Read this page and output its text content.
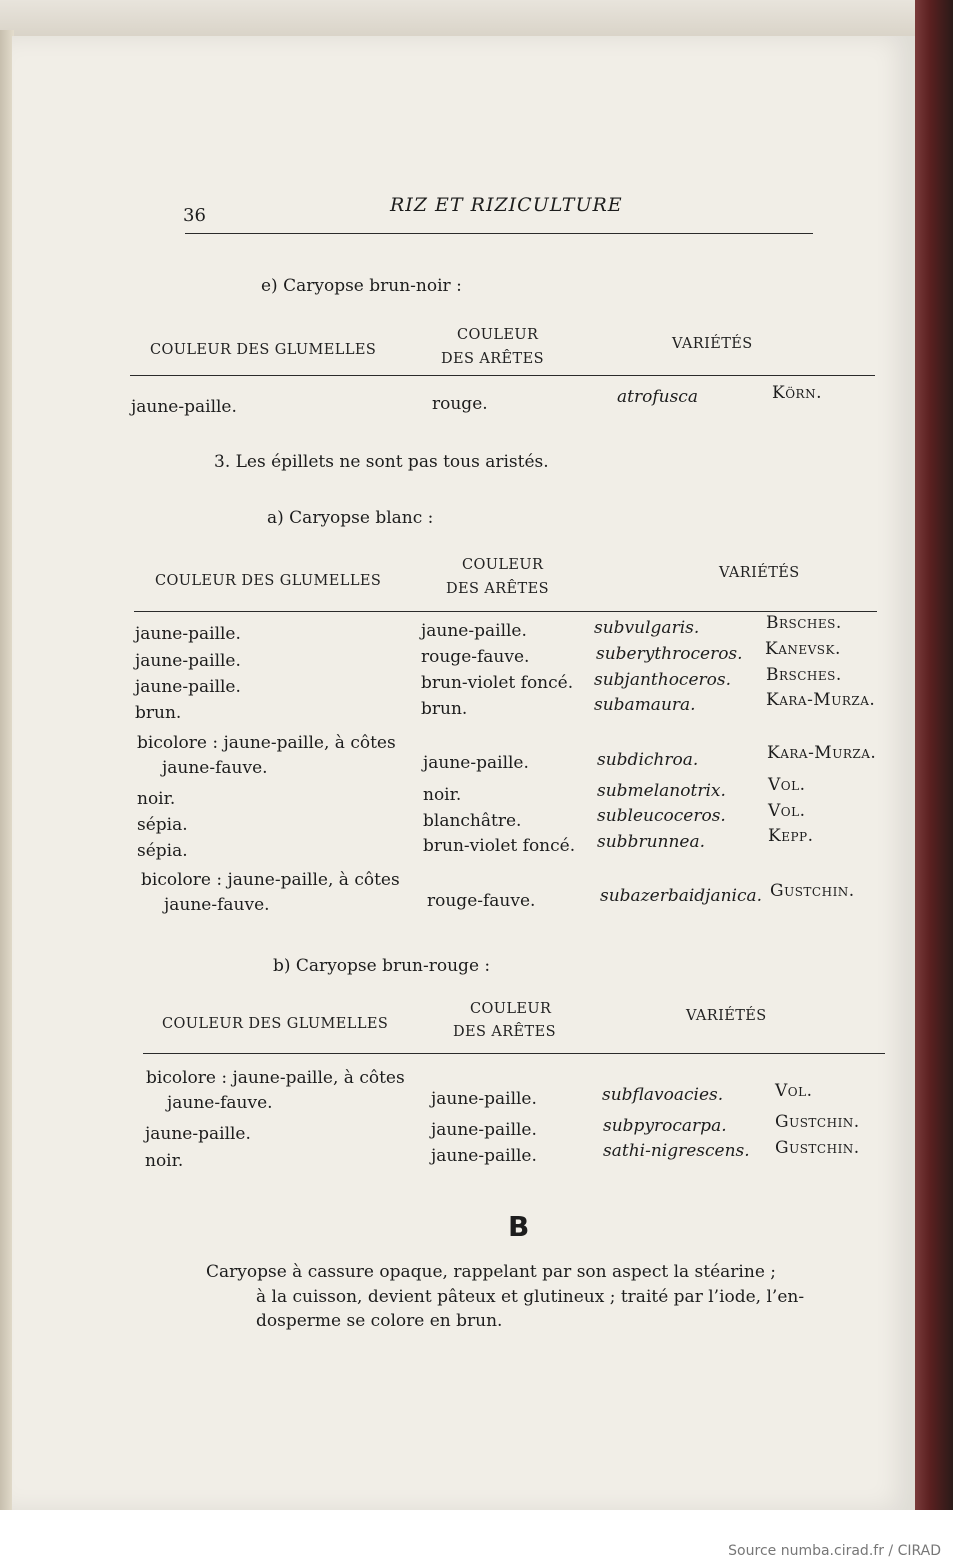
36	RIZ ET RIZICULTURE
e) Caryopse brun-noir :
COULEUR DES GLUMELLES
COULEUR
DES ARÊTES
VARIÉTÉS
jaune-paille.	rouge.	atrofusca	Körn.
3. Les épillets ne sont pas tous aristés.
a) Caryopse blanc :
COULEUR DES GLUMELLES
COULEUR
DES ARÊTES
VARIÉTÉS
jaune-paille.	jaune-paille.	subvulgaris.	Brsches.
jaune-paille.	rouge-fauve.	suberythroceros. Kanevsk.
jaune-paille.	brun-violet foncé. subjanthoceros. Brsches.
brun.	brun.	subamaura.	Kara-Murza.
bicolore : jaune-paille, à côtes
jaune-fauve.	jaune-paille.	subdichroa.	Kara-Murza.
noir.	noir.	submelanotrix. Vol.
sépia.	blanchâtre.	subleucoceros. Vol.
sépia.	brun-violet foncé. subbrunnea.	Kepp.
bicolore : jaune-paille, à côtes
jaune-fauve.	rouge-fauve.	subazerbaidjanica. Gustchin.
b) Caryopse brun-rouge :
COULEUR DES GLUMELLES
COULEUR
DES ARÊTES
VARIÉTÉS
bicolore : jaune-paille, à côtes
jaune-fauve.	jaune-paille.	subflavoacies.	Vol.
jaune-paille.	jaune-paille.	subpyrocarpa.	Gustchin.
noir.	jaune-paille.	sathi-nigrescens. Gustchin.
B
Caryopse à cassure opaque, rappelant par son aspect la stéarine ;
à la cuisson, devient pâteux et glutineux ; traité par l’iode, l’en-
dosperme se colore en brun.
Source numba.cirad.fr / CIRAD
